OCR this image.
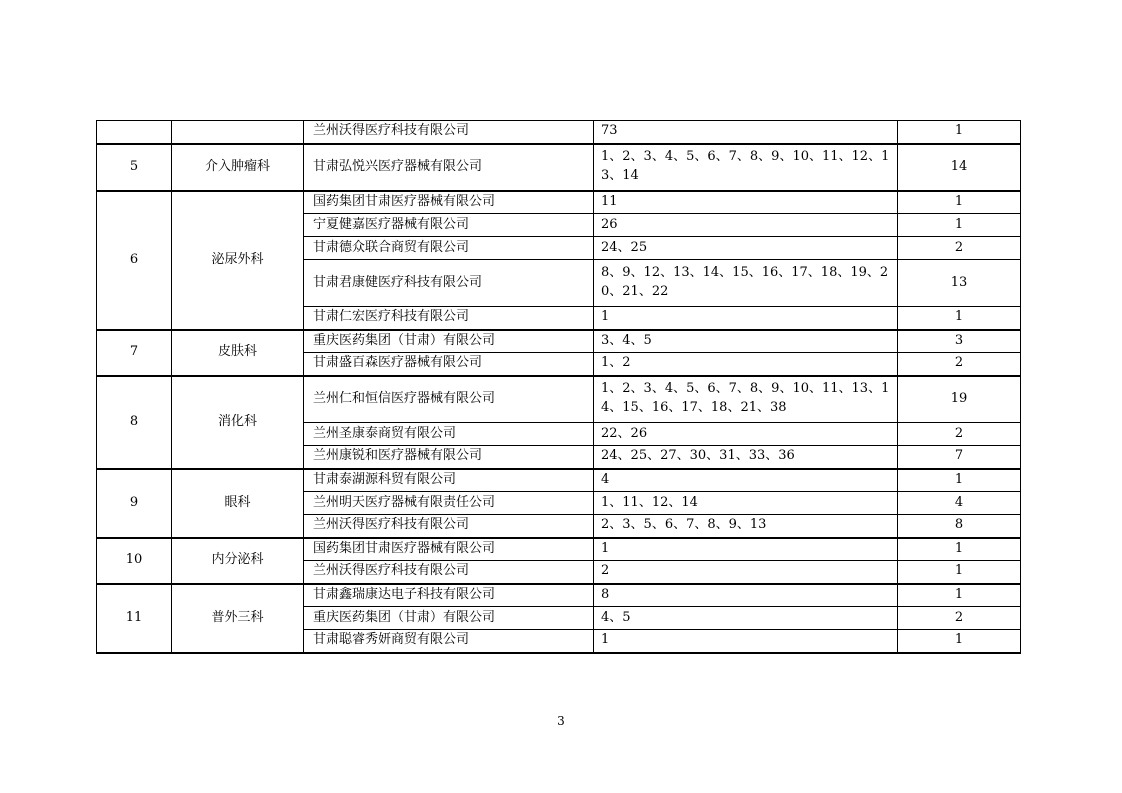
		兰州沃得医疗科技有限公司	73	1
5	介入肿瘤科	甘肃弘悦兴医疗器械有限公司	1、2、3、4、5、6、7、8、9、10、11、12、13、14	14
6	泌尿外科	国药集团甘肃医疗器械有限公司	11	1
		宁夏健嘉医疗器械有限公司	26	1
		甘肃德众联合商贸有限公司	24、25	2
		甘肃君康健医疗科技有限公司	8、9、12、13、14、15、16、17、18、19、20、21、22	13
		甘肃仁宏医疗科技有限公司	1	1
7	皮肤科	重庆医药集团（甘肃）有限公司	3、4、5	3
		甘肃盛百森医疗器械有限公司	1、2	2
8	消化科	兰州仁和恒信医疗器械有限公司	1、2、3、4、5、6、7、8、9、10、11、13、14、15、16、17、18、21、38	19
		兰州圣康泰商贸有限公司	22、26	2
		兰州康锐和医疗器械有限公司	24、25、27、30、31、33、36	7
9	眼科	甘肃泰湖源科贸有限公司	4	1
		兰州明天医疗器械有限责任公司	1、11、12、14	4
		兰州沃得医疗科技有限公司	2、3、5、6、7、8、9、13	8
10	内分泌科	国药集团甘肃医疗器械有限公司	1	1
		兰州沃得医疗科技有限公司	2	1
11	普外三科	甘肃鑫瑞康达电子科技有限公司	8	1
		重庆医药集团（甘肃）有限公司	4、5	2
		甘肃聪睿秀妍商贸有限公司	1	1
3
